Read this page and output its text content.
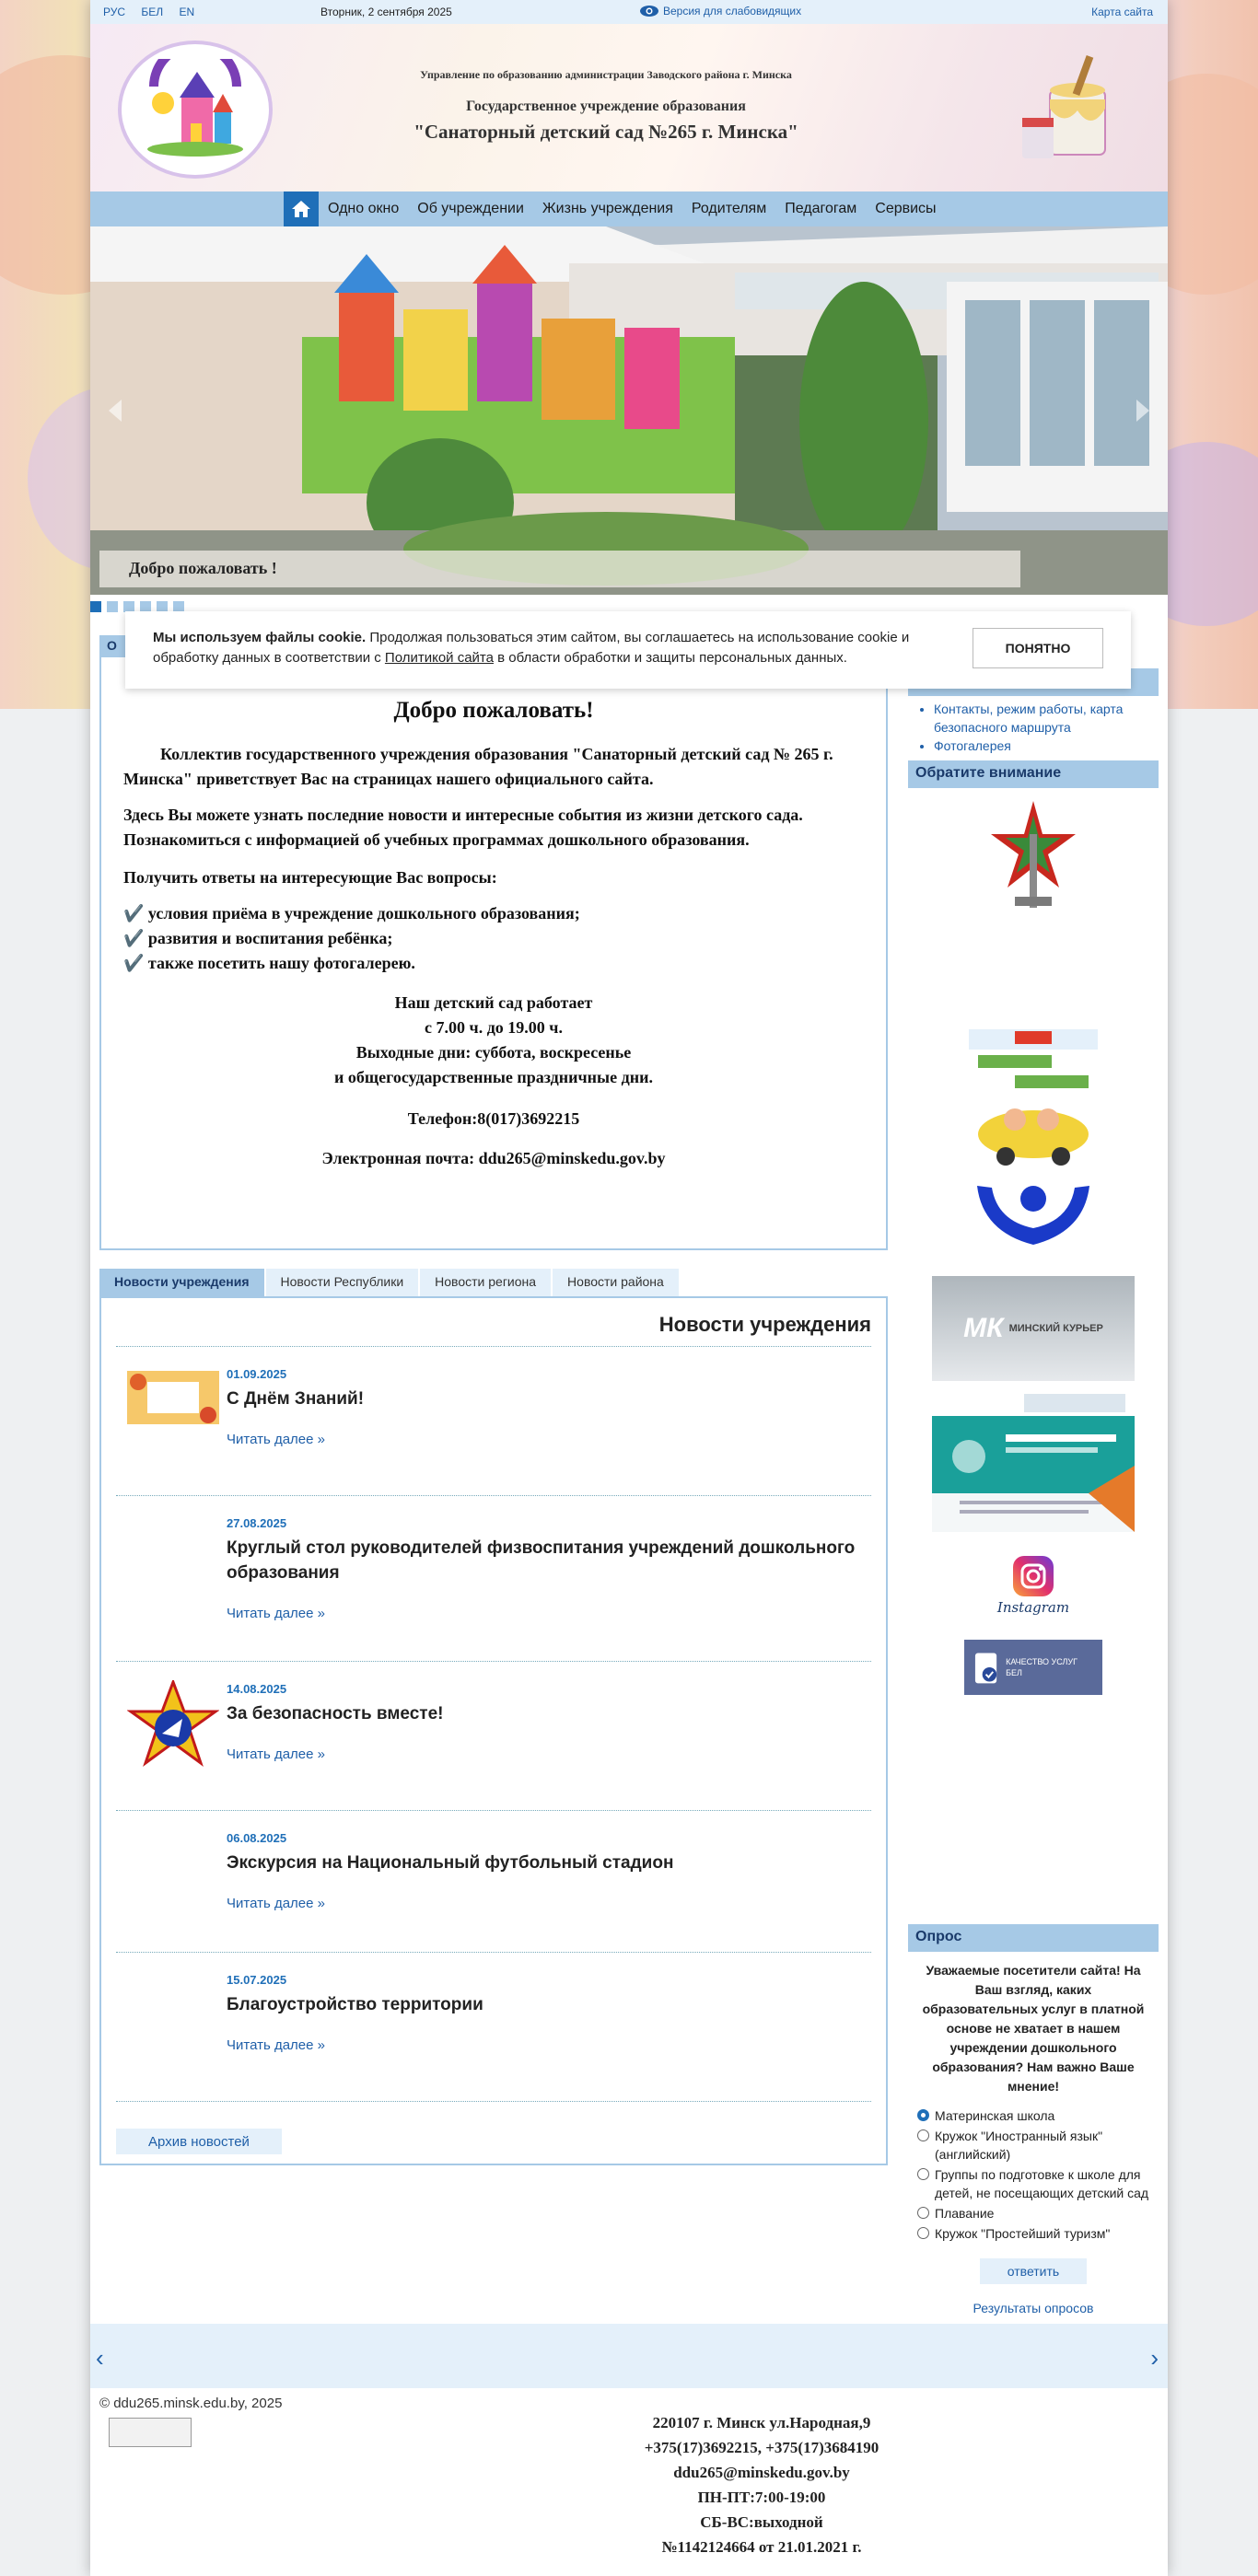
РУС БЕЛ EN	Вторник, 2 сентября 2025	Версия для слабовидящих	Карта сайта
Управление по образованию администрации Заводского района г. Минска
Государственное учреждение образования
"Санаторный детский сад №265 г. Минска"
Одно окно	Об учреждении	Жизнь учреждения	Родителям	Педагогам	Сервисы
Добро пожаловать !
О
Добро пожаловать!

Коллектив государственного учреждения образования "Санаторный детский сад № 265 г. Минска" приветствует Вас на страницах нашего официального сайта.

Здесь Вы можете узнать последние новости и интересные события из жизни детского сада. Познакомиться с информацией об учебных программах дошкольного образования.

Получить ответы на интересующие Вас вопросы:

✔️ условия приёма в учреждение дошкольного образования;

✔️ развития и воспитания ребёнка;

✔️ также посетить нашу фотогалерею.

Наш детский сад работает

с 7.00 ч. до 19.00 ч.

Выходные дни: суббота, воскресенье

и общегосударственные праздничные дни.

Телефон:8(017)3692215

Электронная почта: ddu265@minskedu.gov.by

Новости учреждения	Новости Республики	Новости региона	Новости района
Новости учреждения
01.09.2025
С Днём Знаний!
Читать далее »
27.08.2025
Круглый стол руководителей физвоспитания учреждений дошкольного образования
Читать далее »
14.08.2025
За безопасность вместе!
Читать далее »
06.08.2025
Экскурсия на Национальный футбольный стадион
Читать далее »
15.07.2025
Благоустройство территории
Читать далее »
Архив новостей
• Контакты, режим работы, карта безопасного маршрута
• Фотогалерея
Обратите внимание
МК МИНСКИЙ КУРЬЕР
Instagram
КАЧЕСТВО УСЛУГ БЕЛ
Опрос
Уважаемые посетители сайта! На Ваш взгляд, каких образовательных услуг в платной основе не хватает в нашем учреждении дошкольного образования? Нам важно Ваше мнение!
Материнская школа
Кружок "Иностранный язык" (английский)
Группы по подготовке к школе для детей, не посещающих детский сад
Плавание
Кружок "Простейший туризм"
ответить
Результаты опросов
‹	›
© ddu265.minsk.edu.by, 2025
220107 г. Минск ул.Народная,9
+375(17)3692215, +375(17)3684190
ddu265@minskedu.gov.by
ПН-ПТ:7:00-19:00
СБ-ВС:выходной
№1142124664 от 21.01.2021 г.
Мы используем файлы cookie. Продолжая пользоваться этим сайтом, вы соглашаетесь на использование cookie и обработку данных в соответствии с Политикой сайта в области обработки и защиты персональных данных.
ПОНЯТНО
